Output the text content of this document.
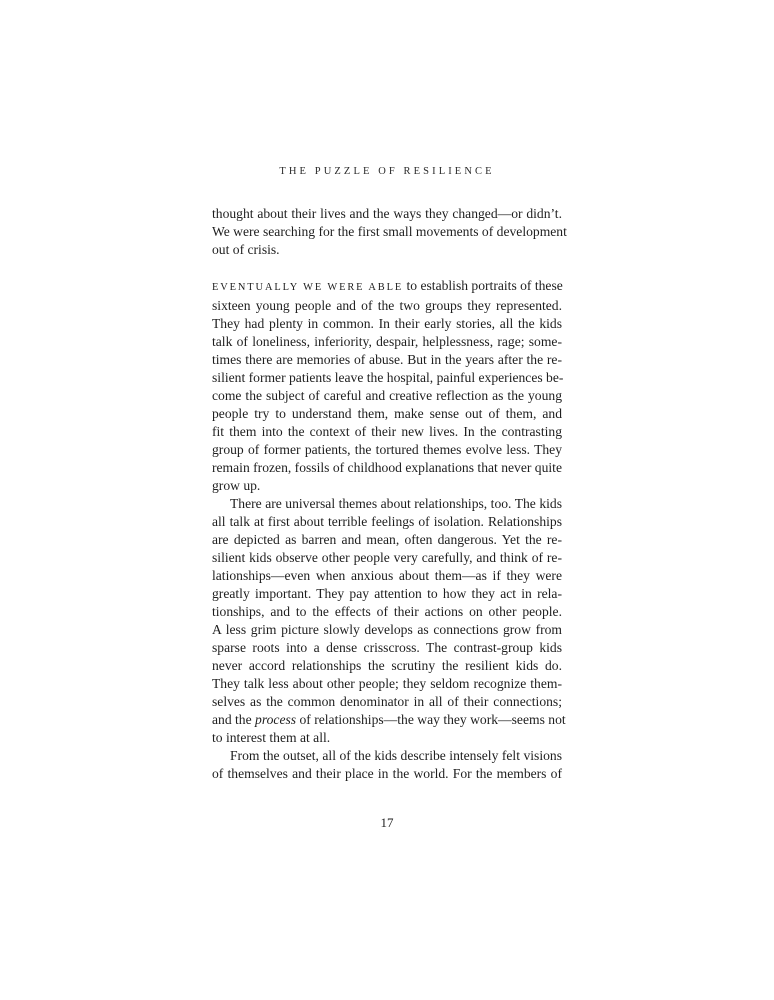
THE PUZZLE OF RESILIENCE

thought about their lives and the ways they changed—or didn’t.
We were searching for the first small movements of development
out of crisis.

EVENTUALLY WE WERE ABLE to establish portraits of these
sixteen young people and of the two groups they represented.
They had plenty in common. In their early stories, all the kids
talk of loneliness, inferiority, despair, helplessness, rage; some-
times there are memories of abuse. But in the years after the re-
silient former patients leave the hospital, painful experiences be-
come the subject of careful and creative reflection as the young
people try to understand them, make sense out of them, and
fit them into the context of their new lives. In the contrasting
group of former patients, the tortured themes evolve less. They
remain frozen, fossils of childhood explanations that never quite
grow up.

There are universal themes about relationships, too. The kids
all talk at first about terrible feelings of isolation. Relationships
are depicted as barren and mean, often dangerous. Yet the re-
silient kids observe other people very carefully, and think of re-
lationships—even when anxious about them—as if they were
greatly important. They pay attention to how they act in rela-
tionships, and to the effects of their actions on other people.
A less grim picture slowly develops as connections grow from
sparse roots into a dense crisscross. The contrast-group kids
never accord relationships the scrutiny the resilient kids do.
They talk less about other people; they seldom recognize them-
selves as the common denominator in all of their connections;
and the process of relationships—the way they work—seems not
to interest them at all.

From the outset, all of the kids describe intensely felt visions
of themselves and their place in the world. For the members of

17
